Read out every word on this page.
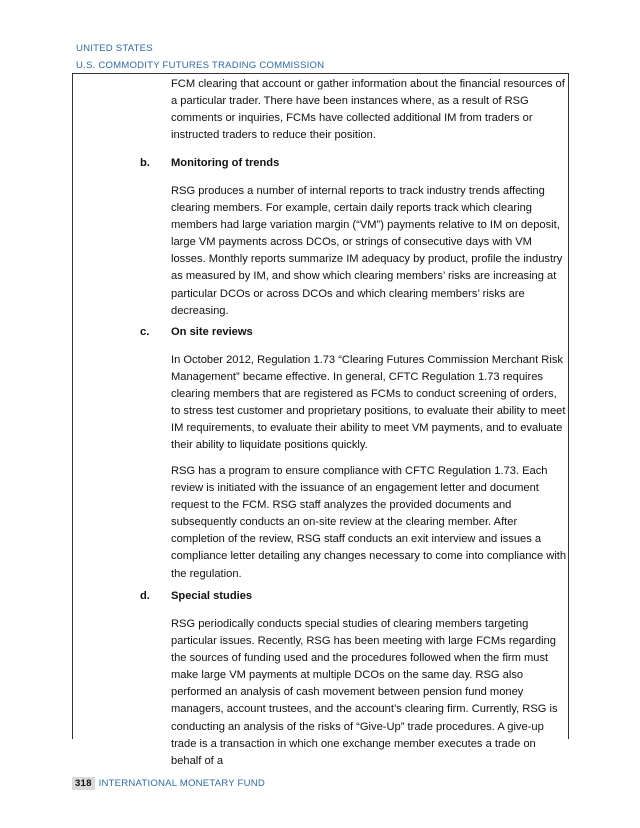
UNITED STATES
U.S. COMMODITY FUTURES TRADING COMMISSION
FCM clearing that account or gather information about the financial resources of a particular trader. There have been instances where, as a result of RSG comments or inquiries, FCMs have collected additional IM from traders or instructed traders to reduce their position.
b. Monitoring of trends
RSG produces a number of internal reports to track industry trends affecting clearing members. For example, certain daily reports track which clearing members had large variation margin (“VM”) payments relative to IM on deposit, large VM payments across DCOs, or strings of consecutive days with VM losses. Monthly reports summarize IM adequacy by product, profile the industry as measured by IM, and show which clearing members’ risks are increasing at particular DCOs or across DCOs and which clearing members’ risks are decreasing.
c. On site reviews
In October 2012, Regulation 1.73 “Clearing Futures Commission Merchant Risk Management” became effective. In general, CFTC Regulation 1.73 requires clearing members that are registered as FCMs to conduct screening of orders, to stress test customer and proprietary positions, to evaluate their ability to meet IM requirements, to evaluate their ability to meet VM payments, and to evaluate their ability to liquidate positions quickly.
RSG has a program to ensure compliance with CFTC Regulation 1.73. Each review is initiated with the issuance of an engagement letter and document request to the FCM. RSG staff analyzes the provided documents and subsequently conducts an on-site review at the clearing member. After completion of the review, RSG staff conducts an exit interview and issues a compliance letter detailing any changes necessary to come into compliance with the regulation.
d. Special studies
RSG periodically conducts special studies of clearing members targeting particular issues. Recently, RSG has been meeting with large FCMs regarding the sources of funding used and the procedures followed when the firm must make large VM payments at multiple DCOs on the same day. RSG also performed an analysis of cash movement between pension fund money managers, account trustees, and the account’s clearing firm. Currently, RSG is conducting an analysis of the risks of “Give-Up” trade procedures. A give-up trade is a transaction in which one exchange member executes a trade on behalf of a
318 INTERNATIONAL MONETARY FUND
